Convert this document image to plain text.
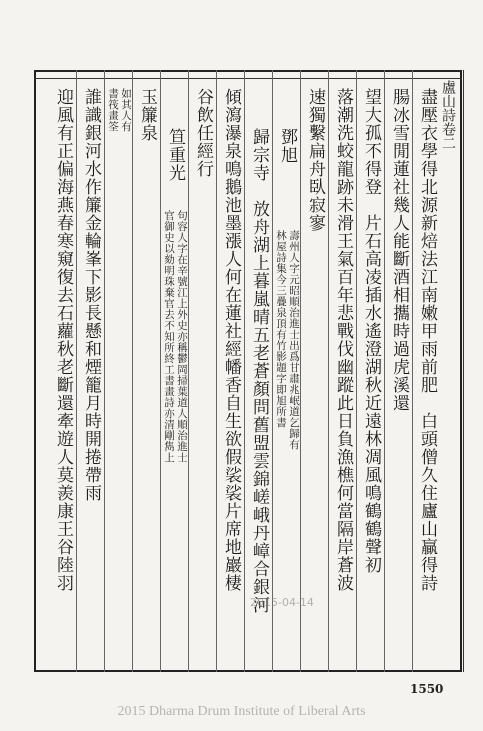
盧山詩卷二
盡壓衣學得北源新焙法江南嫩甲雨前肥　白頭僧久住廬山贏得詩
腸冰雪閒蓮社幾人能斷酒相攜時過虎溪還
望大孤不得登　片石高凌插水遙澄湖秋近遠林凋風鳴鶴鶴聲初
落潮洗蛟龍跡未滑王氣百年悲戰伐幽蹤此日負漁樵何當隔岸蒼波
速獨繫扁舟臥寂寥
鄧旭
壽州人字元昭順治進士出爲甘肅兆岷道乞歸有
林屋詩集今三疊泉頂有竹影題字即旭所書
歸宗寺　放舟湖上暮嵐晴五老蒼顏問舊盟雲錦嵯峨丹嶂合銀河
傾瀉瀑泉鳴鵝池墨漲人何在蓮社經幡香自生欲假裟裟片席地巖棲
谷飲任經行
笪重光
句容人字在辛號江上外史亦稱鬱岡掃葉道人順治進士
官御史以劾明珠棄官去不知所終工書畫詩亦清剛雋上
玉簾泉
如其人有
書筏畫筌
誰識銀河水作簾金輪峯下影長懸和煙籠月時開捲帶雨
迎風有正偏海燕春寒窺復去石蘿秋老斷還牽遊人莫羨康王谷陸羽
2015-04-14
1550
2015 Dharma Drum Institute of Liberal Arts
